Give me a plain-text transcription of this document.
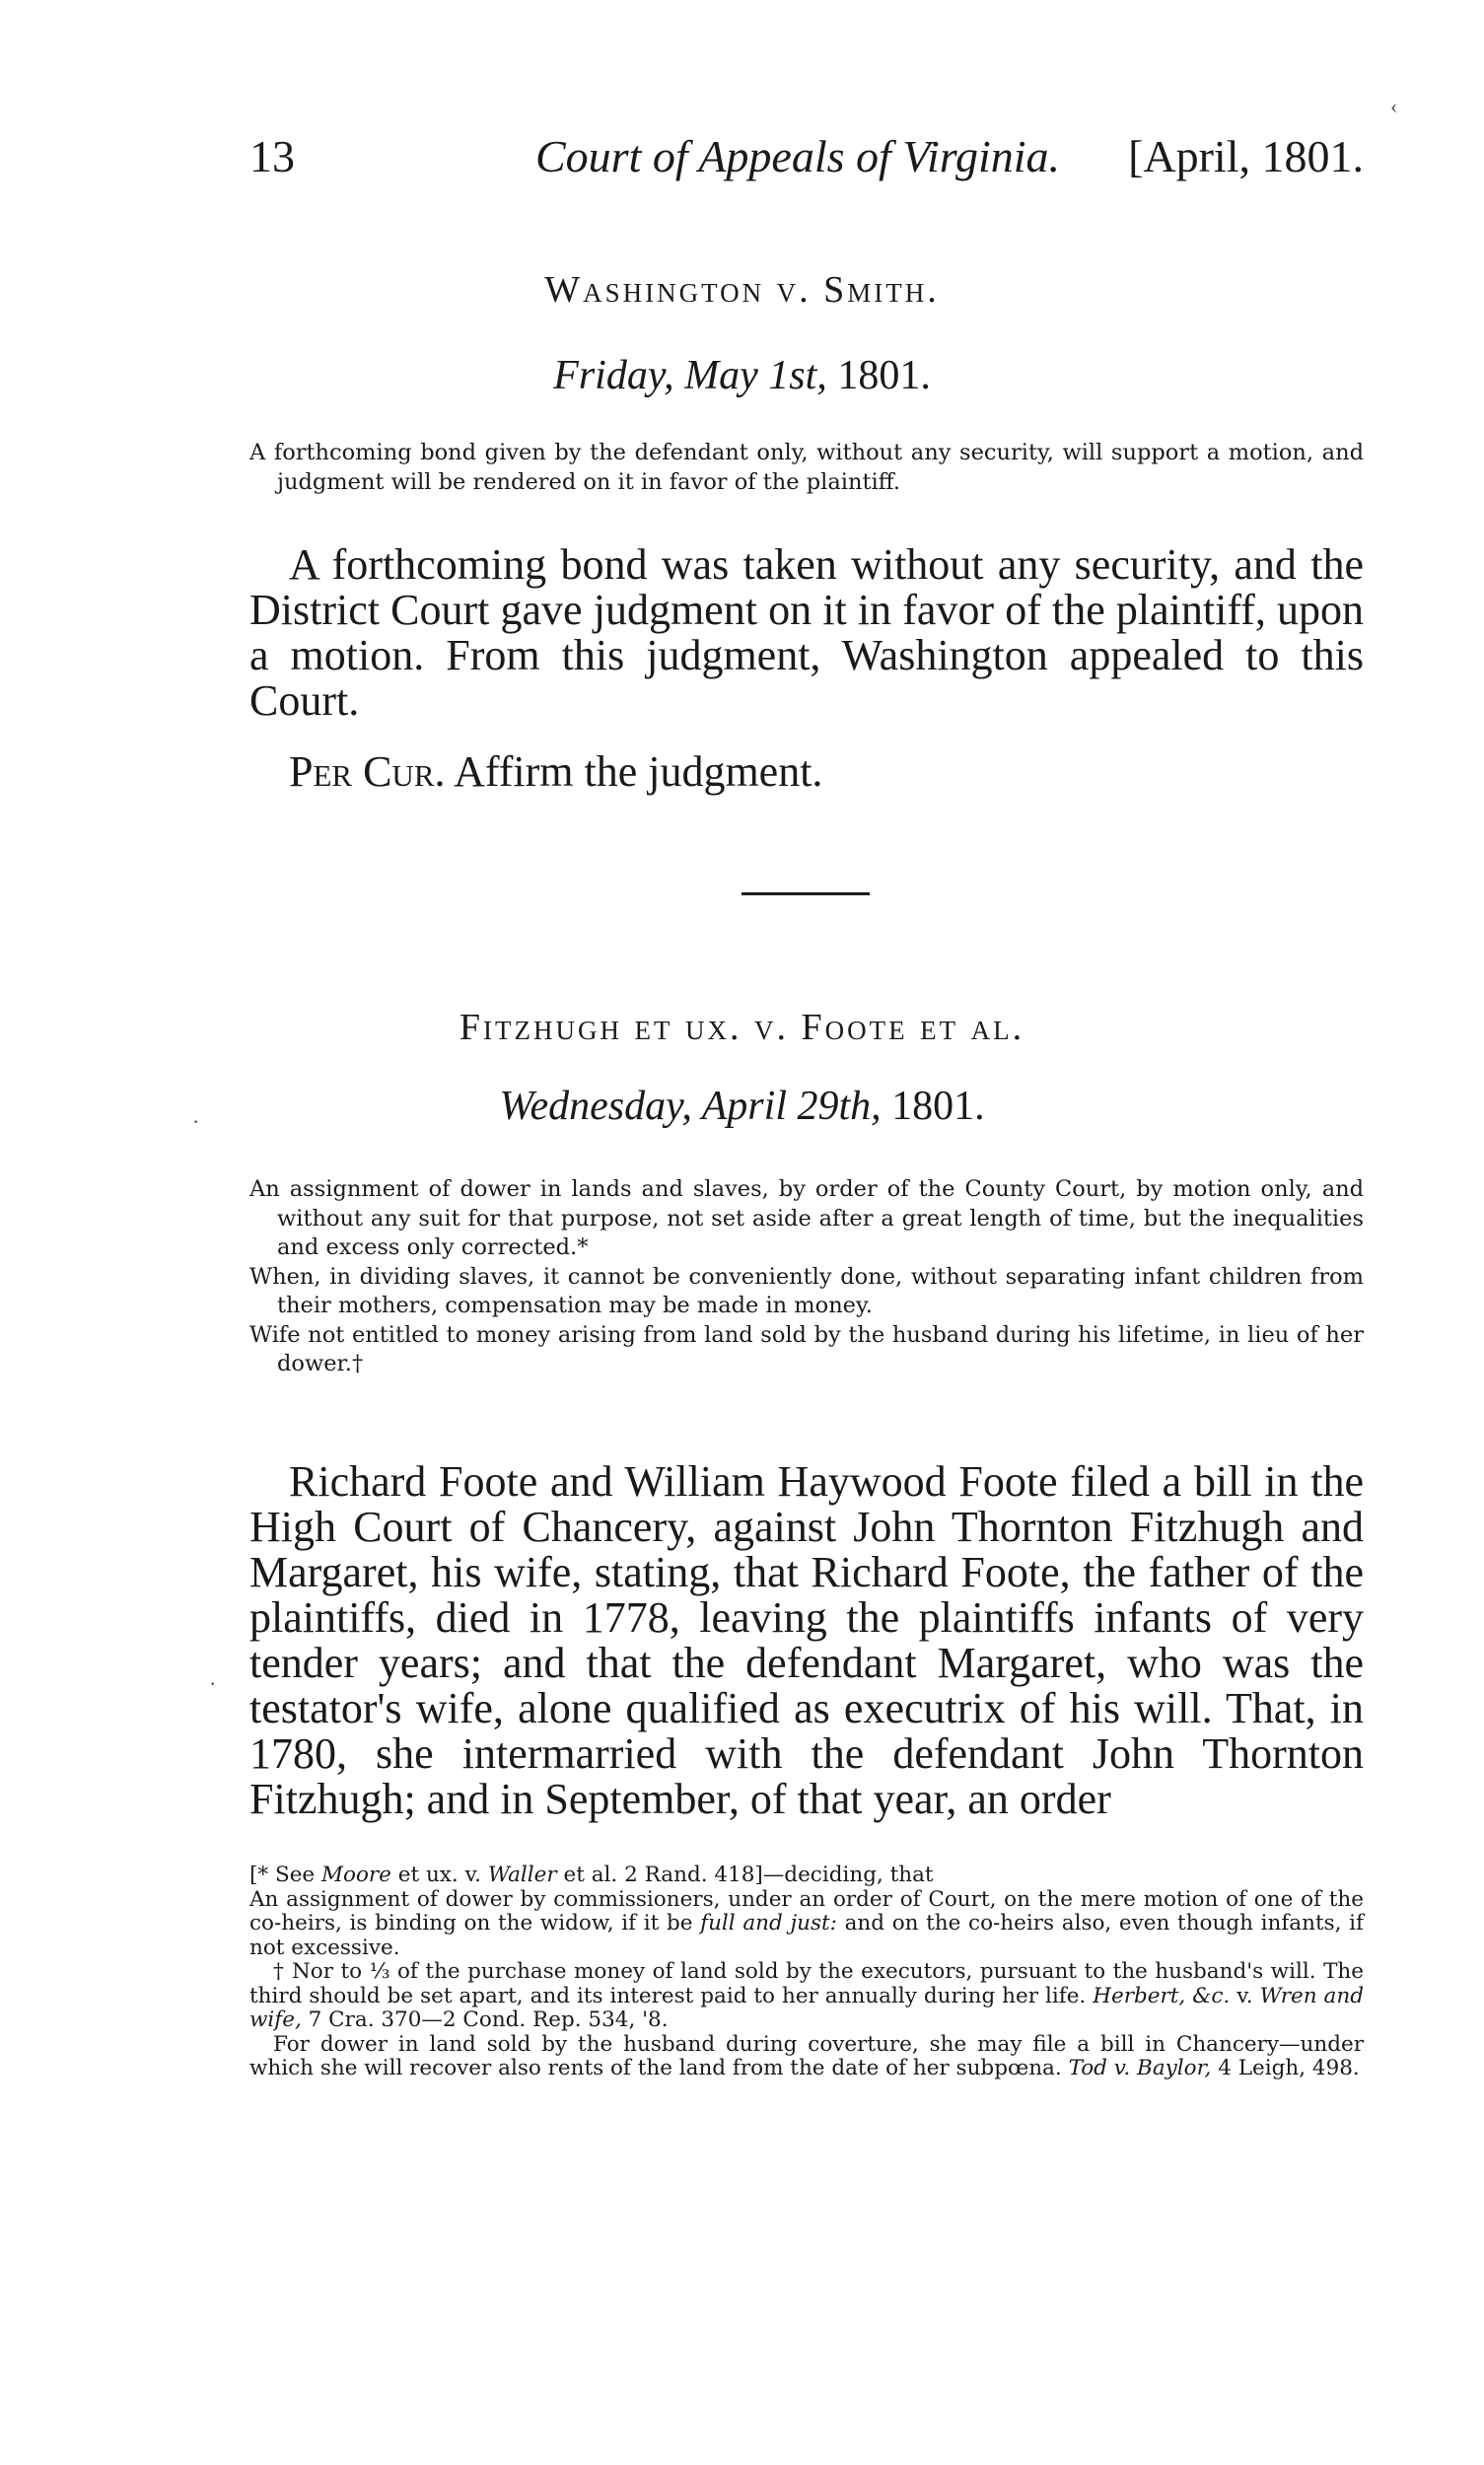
13	Court of Appeals of Virginia. [April, 1801.
Washington v. Smith.
Friday, May 1st, 1801.

A forthcoming bond given by the defendant only, without any security, will support a motion, and judgment will be rendered on it in favor of the plaintiff.

A forthcoming bond was taken without any security, and the District Court gave judgment on it in favor of the plaintiff, upon a motion. From this judgment, Washington appealed to this Court.

Per Cur. Affirm the judgment.
Fitzhugh et ux. v. Foote et al.
Wednesday, April 29th, 1801.

An assignment of dower in lands and slaves, by order of the County Court, by motion only, and without any suit for that purpose, not set aside after a great length of time, but the inequalities and excess only corrected.*

When, in dividing slaves, it cannot be conveniently done, without separating infant children from their mothers, compensation may be made in money.

Wife not entitled to money arising from land sold by the husband during his lifetime, in lieu of her dower.†

Richard Foote and William Haywood Foote filed a bill in the High Court of Chancery, against John Thornton Fitzhugh and Margaret, his wife, stating, that Richard Foote, the father of the plaintiffs, died in 1778, leaving the plaintiffs infants of very tender years; and that the defendant Margaret, who was the testator's wife, alone qualified as executrix of his will. That, in 1780, she intermarried with the defendant John Thornton Fitzhugh; and in September, of that year, an order

[* See Moore et ux. v. Waller et al. 2 Rand. 418]—deciding, that

An assignment of dower by commissioners, under an order of Court, on the mere motion of one of the co-heirs, is binding on the widow, if it be full and just: and on the co-heirs also, even though infants, if not excessive.

† Nor to ⅓ of the purchase money of land sold by the executors, pursuant to the husband's will. The third should be set apart, and its interest paid to her annually during her life. Herbert, &c. v. Wren and wife, 7 Cra. 370—2 Cond. Rep. 534, '8.

For dower in land sold by the husband during coverture, she may file a bill in Chancery—under which she will recover also rents of the land from the date of her subpœna. Tod v. Baylor, 4 Leigh, 498.

‹
·
·
